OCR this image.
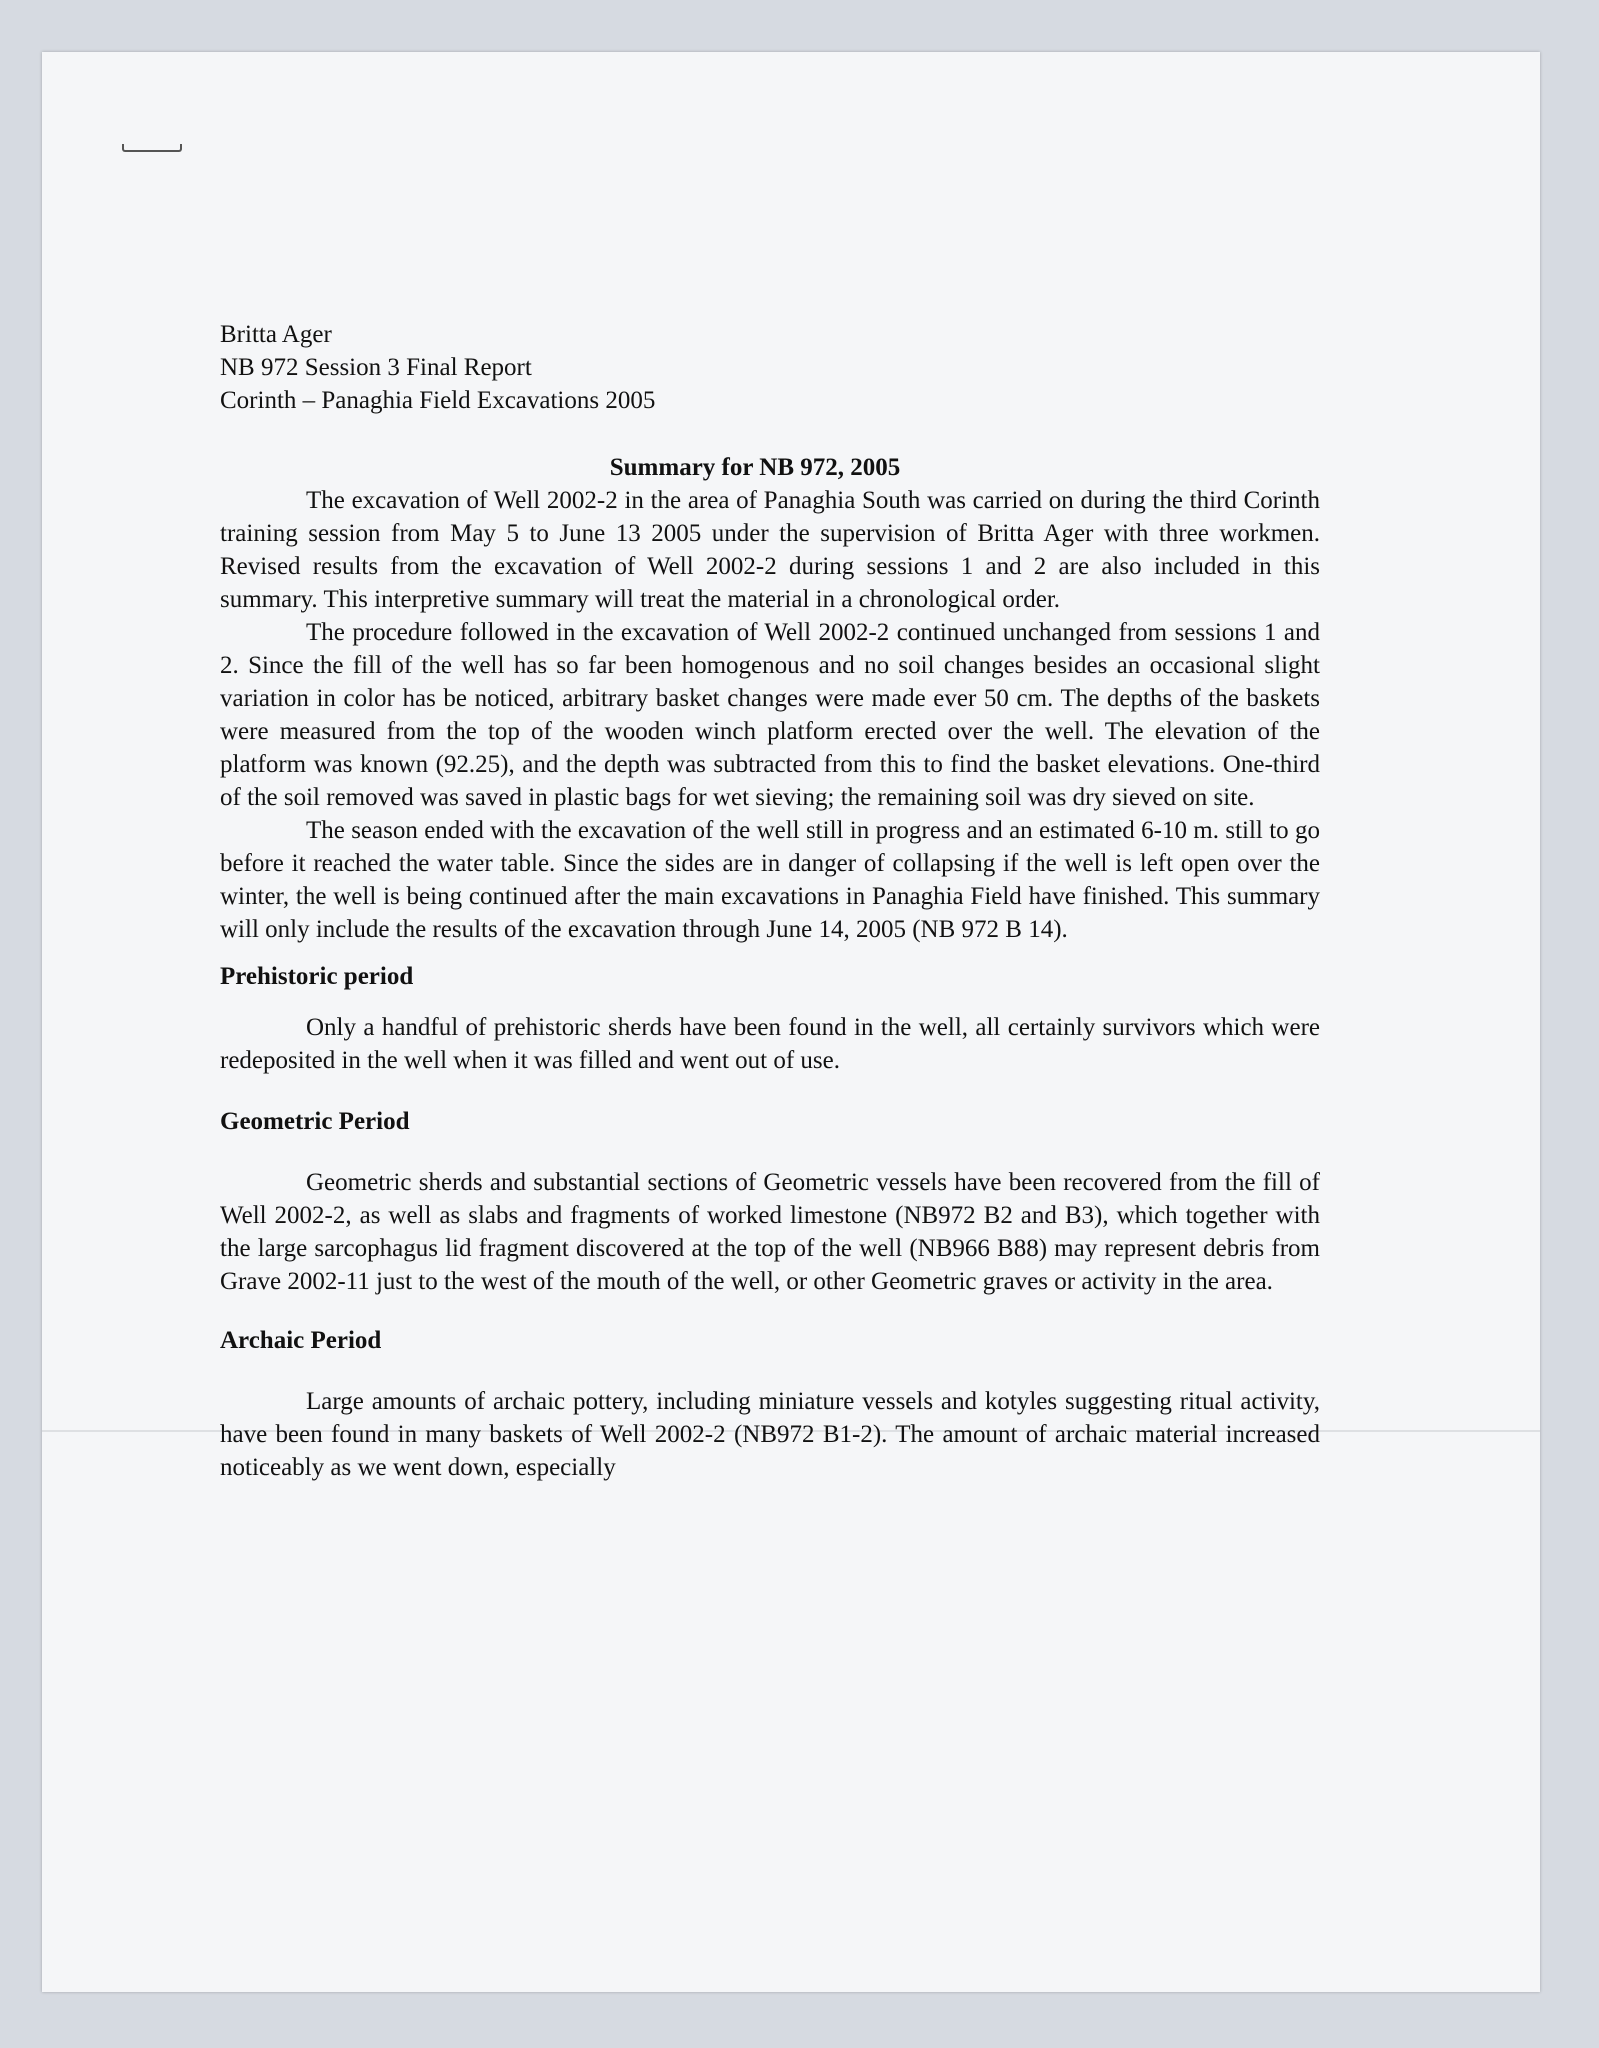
Britta Ager

NB 972 Session 3 Final Report

Corinth – Panaghia Field Excavations 2005

Summary for NB 972, 2005

The excavation of Well 2002-2 in the area of Panaghia South was carried on during the third Corinth training session from May 5 to June 13 2005 under the supervision of Britta Ager with three workmen. Revised results from the excavation of Well 2002-2 during sessions 1 and 2 are also included in this summary. This interpretive summary will treat the material in a chronological order.

The procedure followed in the excavation of Well 2002-2 continued unchanged from sessions 1 and 2. Since the fill of the well has so far been homogenous and no soil changes besides an occasional slight variation in color has be noticed, arbitrary basket changes were made ever 50 cm. The depths of the baskets were measured from the top of the wooden winch platform erected over the well. The elevation of the platform was known (92.25), and the depth was subtracted from this to find the basket elevations. One-third of the soil removed was saved in plastic bags for wet sieving; the remaining soil was dry sieved on site.

The season ended with the excavation of the well still in progress and an estimated 6-10 m. still to go before it reached the water table. Since the sides are in danger of collapsing if the well is left open over the winter, the well is being continued after the main excavations in Panaghia Field have finished. This summary will only include the results of the excavation through June 14, 2005 (NB 972 B 14).

Prehistoric period

Only a handful of prehistoric sherds have been found in the well, all certainly survivors which were redeposited in the well when it was filled and went out of use.

Geometric Period

Geometric sherds and substantial sections of Geometric vessels have been recovered from the fill of Well 2002-2, as well as slabs and fragments of worked limestone (NB972 B2 and B3), which together with the large sarcophagus lid fragment discovered at the top of the well (NB966 B88) may represent debris from Grave 2002-11 just to the west of the mouth of the well, or other Geometric graves or activity in the area.

Archaic Period

Large amounts of archaic pottery, including miniature vessels and kotyles suggesting ritual activity, have been found in many baskets of Well 2002-2 (NB972 B1-2). The amount of archaic material increased noticeably as we went down, especially
